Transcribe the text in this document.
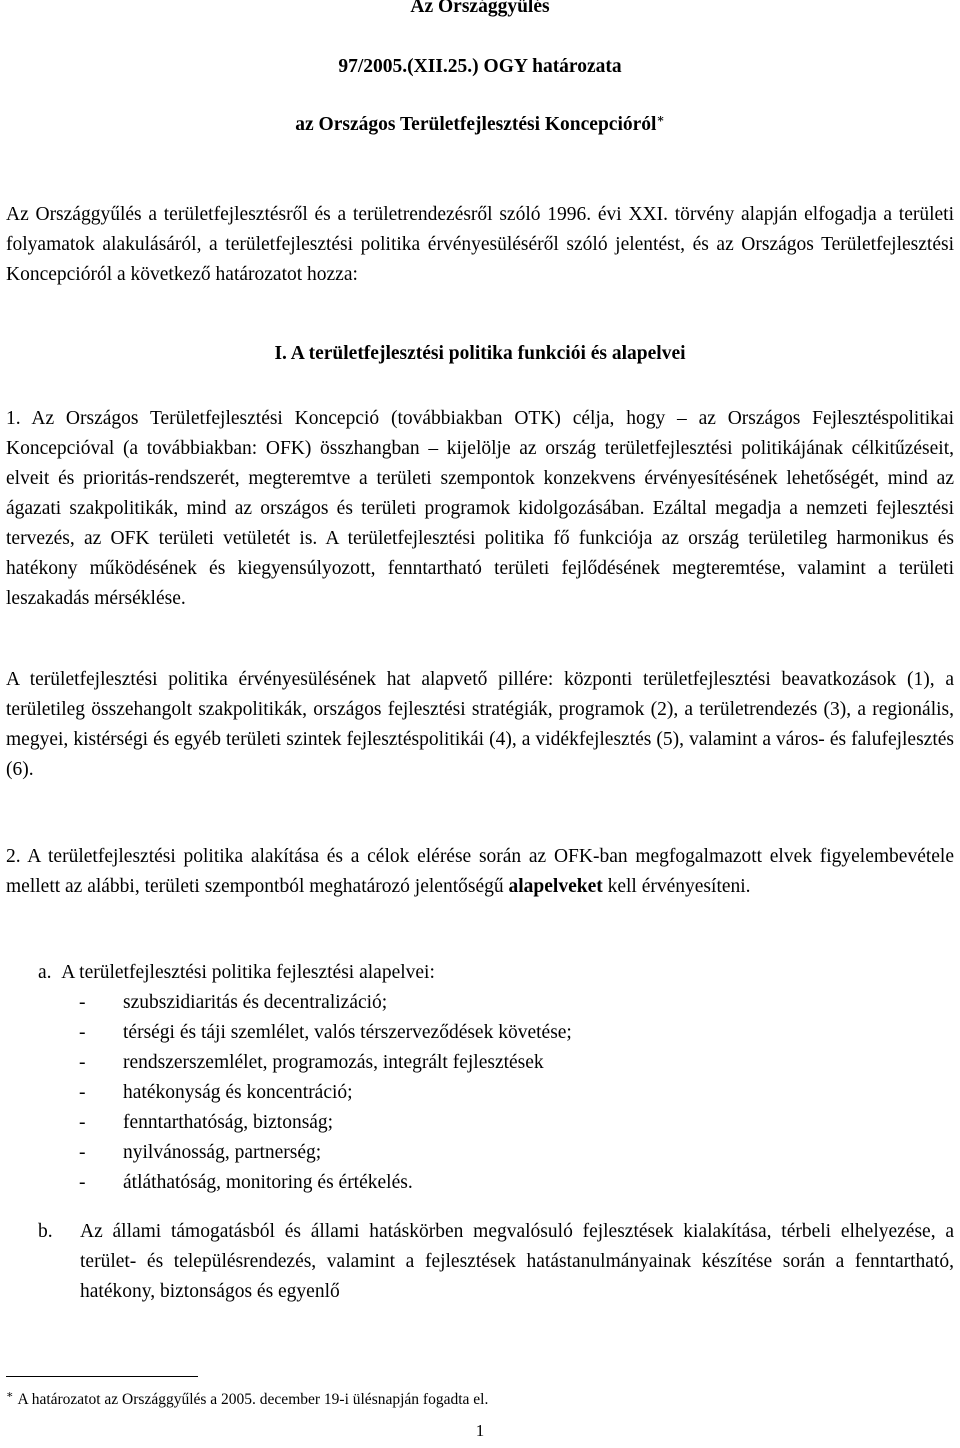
Az Országgyűlés
97/2005.(XII.25.) OGY határozata
az Országos Területfejlesztési Koncepcióról∗
Az Országgyűlés a területfejlesztésről és a területrendezésről szóló 1996. évi XXI. törvény alapján elfogadja a területi folyamatok alakulásáról, a területfejlesztési politika érvényesüléséről szóló jelentést, és az Országos Területfejlesztési Koncepcióról a következő határozatot hozza:
I. A területfejlesztési politika funkciói és alapelvei
1. Az Országos Területfejlesztési Koncepció (továbbiakban OTK) célja, hogy – az Országos Fejlesztéspolitikai Koncepcióval (a továbbiakban: OFK) összhangban – kijelölje az ország területfejlesztési politikájának célkitűzéseit, elveit és prioritás-rendszerét, megteremtve a területi szempontok konzekvens érvényesítésének lehetőségét, mind az ágazati szakpolitikák, mind az országos és területi programok kidolgozásában. Ezáltal megadja a nemzeti fejlesztési tervezés, az OFK területi vetületét is. A területfejlesztési politika fő funkciója az ország területileg harmonikus és hatékony működésének és kiegyensúlyozott, fenntartható területi fejlődésének megteremtése, valamint a területi leszakadás mérséklése.
A területfejlesztési politika érvényesülésének hat alapvető pillére: központi területfejlesztési beavatkozások (1), a területileg összehangolt szakpolitikák, országos fejlesztési stratégiák, programok (2), a területrendezés (3), a regionális, megyei, kistérségi és egyéb területi szintek fejlesztéspolitikái (4), a vidékfejlesztés (5), valamint a város- és falufejlesztés (6).
2. A területfejlesztési politika alakítása és a célok elérése során az OFK-ban megfogalmazott elvek figyelembevétele mellett az alábbi, területi szempontból meghatározó jelentőségű alapelveket kell érvényesíteni.
a. A területfejlesztési politika fejlesztési alapelvei:
- szubszidiaritás és decentralizáció;
- térségi és táji szemlélet, valós térszerveződések követése;
- rendszerszemlélet, programozás, integrált fejlesztések
- hatékonyság és koncentráció;
- fenntarthatóság, biztonság;
- nyilvánosság, partnerség;
- átláthatóság, monitoring és értékelés.
b. Az állami támogatásból és állami hatáskörben megvalósuló fejlesztések kialakítása, térbeli elhelyezése, a terület- és településrendezés, valamint a fejlesztések hatástanulmányainak készítése során a fenntartható, hatékony, biztonságos és egyenlő
∗ A határozatot az Országgyűlés a 2005. december 19-i ülésnapján fogadta el.
1
